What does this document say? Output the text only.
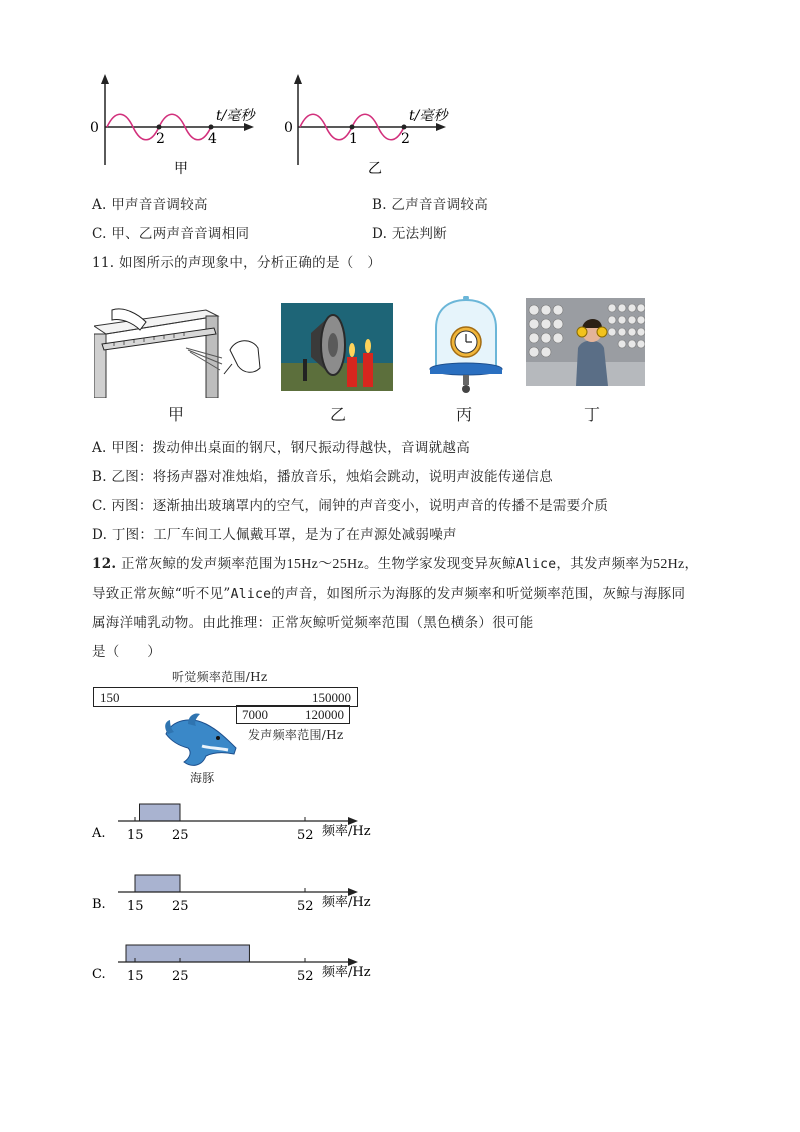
0
2	4
t/毫秒
甲
0
1	2
t/毫秒
乙
A. 甲声音音调较高	B. 乙声音音调较高
C. 甲、乙两声音音调相同	D. 无法判断
11. 如图所示的声现象中，分析正确的是（　）
甲	乙	丙	丁
A. 甲图：拨动伸出桌面的钢尺，钢尺振动得越快，音调就越高
B. 乙图：将扬声器对准烛焰，播放音乐，烛焰会跳动，说明声波能传递信息
C. 丙图：逐渐抽出玻璃罩内的空气，闹钟的声音变小，说明声音的传播不是需要介质
D. 丁图：工厂车间工人佩戴耳罩，是为了在声源处减弱噪声
12. 正常灰鲸的发声频率范围为15Hz～25Hz。生物学家发现变异灰鲸Alice，其发声频率为52Hz，
导致正常灰鲸“听不见”Alice的声音，如图所示为海豚的发声频率和听觉频率范围，灰鲸与海豚同
属海洋哺乳动物。由此推理：正常灰鲸听觉频率范围（黑色横条）很可能
是（　　）
听觉频率范围/Hz
150	150000
7000	120000
发声频率范围/Hz
海豚
A. 15 25	52 频率/Hz
B. 15 25	52 频率/Hz
C. 15 25	52 频率/Hz
